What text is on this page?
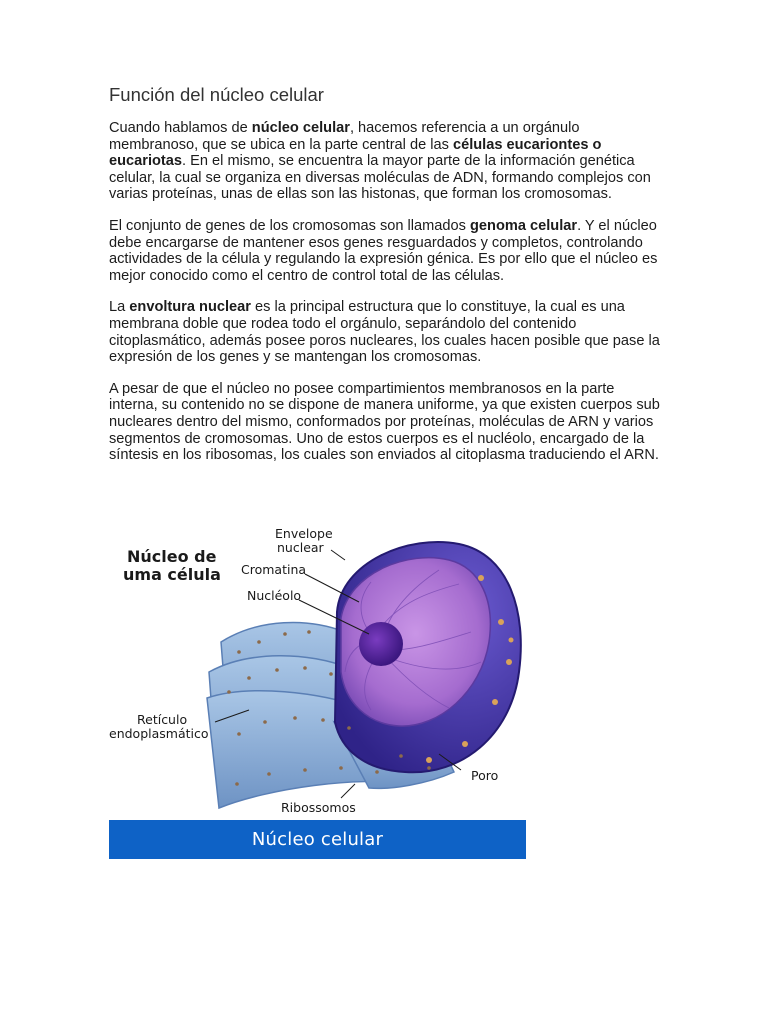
Función del núcleo celular

Cuando hablamos de núcleo celular, hacemos referencia a un orgánulo membranoso, que se ubica en la parte central de las células eucariontes o eucariotas. En el mismo, se encuentra la mayor parte de la información genética celular, la cual se organiza en diversas moléculas de ADN, formando complejos con varias proteínas, unas de ellas son las histonas, que forman los cromosomas.

El conjunto de genes de los cromosomas son llamados genoma celular. Y el núcleo debe encargarse de mantener esos genes resguardados y completos, controlando actividades de la célula y regulando la expresión génica. Es por ello que el núcleo es mejor conocido como el centro de control total de las células.

La envoltura nuclear es la principal estructura que lo constituye, la cual es una membrana doble que rodea todo el orgánulo, separándolo del contenido citoplasmático, además posee poros nucleares, los cuales hacen posible que pase la expresión de los genes y se mantengan los cromosomas.

A pesar de que el núcleo no posee compartimientos membranosos en la parte interna, su contenido no se dispone de manera uniforme, ya que existen cuerpos sub nucleares dentro del mismo, conformados por proteínas, moléculas de ARN y varios segmentos de cromosomas. Uno de estos cuerpos es el nucléolo, encargado de la síntesis en los ribosomas, los cuales son enviados al citoplasma traduciendo el ARN.

Núcleo de
uma célula
Envelope
nuclear
Cromatina
Nucléolo
Retículo
endoplasmático
Poro
Ribossomos
Núcleo celular
